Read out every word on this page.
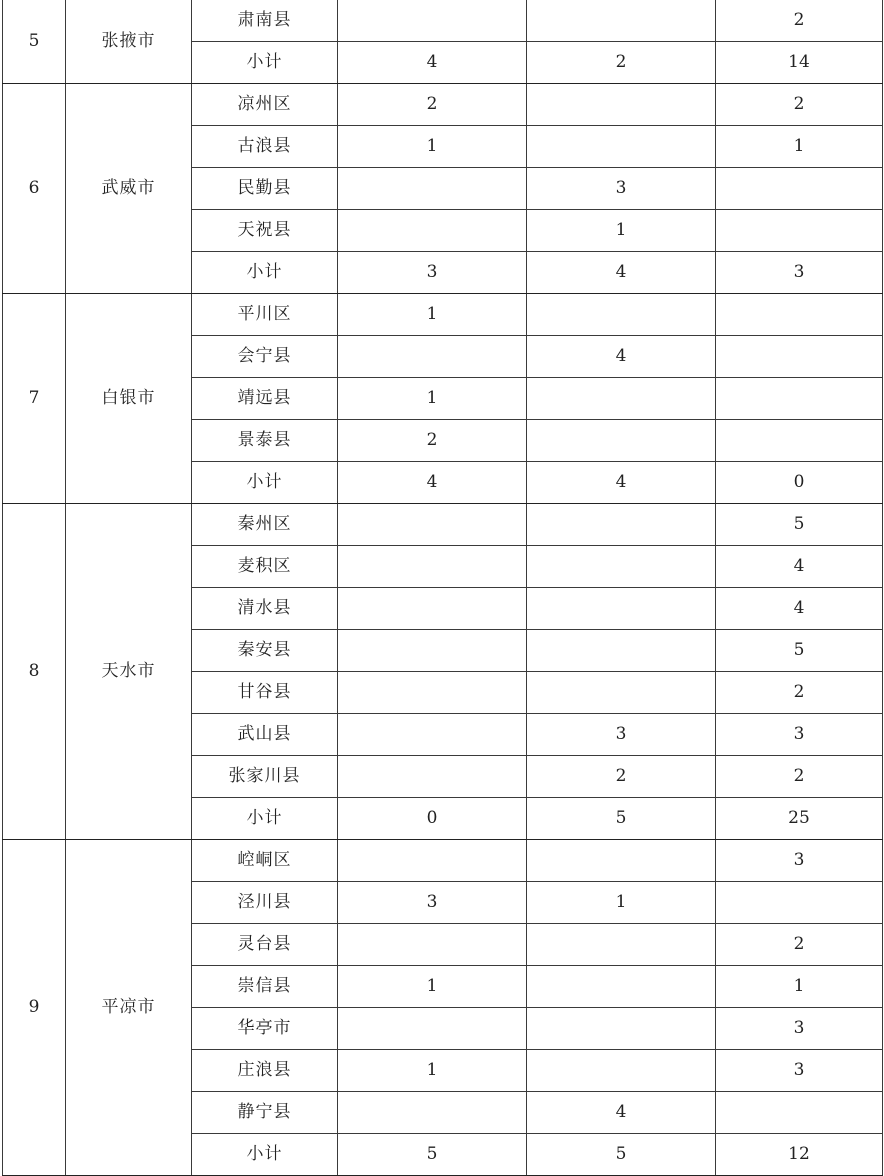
5	张掖市	肃南县			2
		小计	4	2	14
6	武威市	凉州区	2		2
		古浪县	1		1
		民勤县		3	
		天祝县		1	
		小计	3	4	3
7	白银市	平川区	1		
		会宁县		4	
		靖远县	1		
		景泰县	2		
		小计	4	4	0
8	天水市	秦州区			5
		麦积区			4
		清水县			4
		秦安县			5
		甘谷县			2
		武山县		3	3
		张家川县		2	2
		小计	0	5	25
9	平凉市	崆峒区			3
		泾川县	3	1	
		灵台县			2
		崇信县	1		1
		华亭市			3
		庄浪县	1		3
		静宁县		4	
		小计	5	5	12
